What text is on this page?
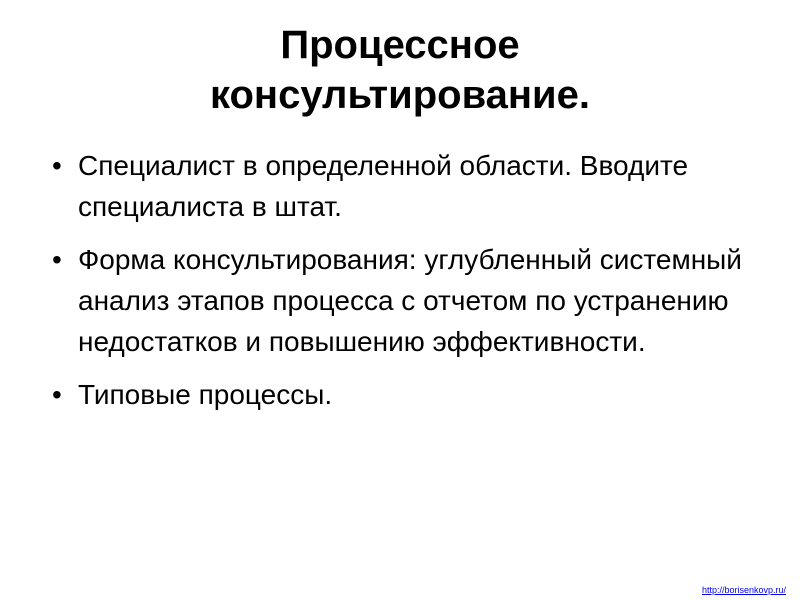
Процессное
консультирование.
• Специалист в определенной области. Вводите специалиста в штат.
• Форма консультирования: углубленный системный анализ этапов процесса с отчетом по устранению недостатков и повышению эффективности.
• Типовые процессы.
http://borisenkovp.ru/
